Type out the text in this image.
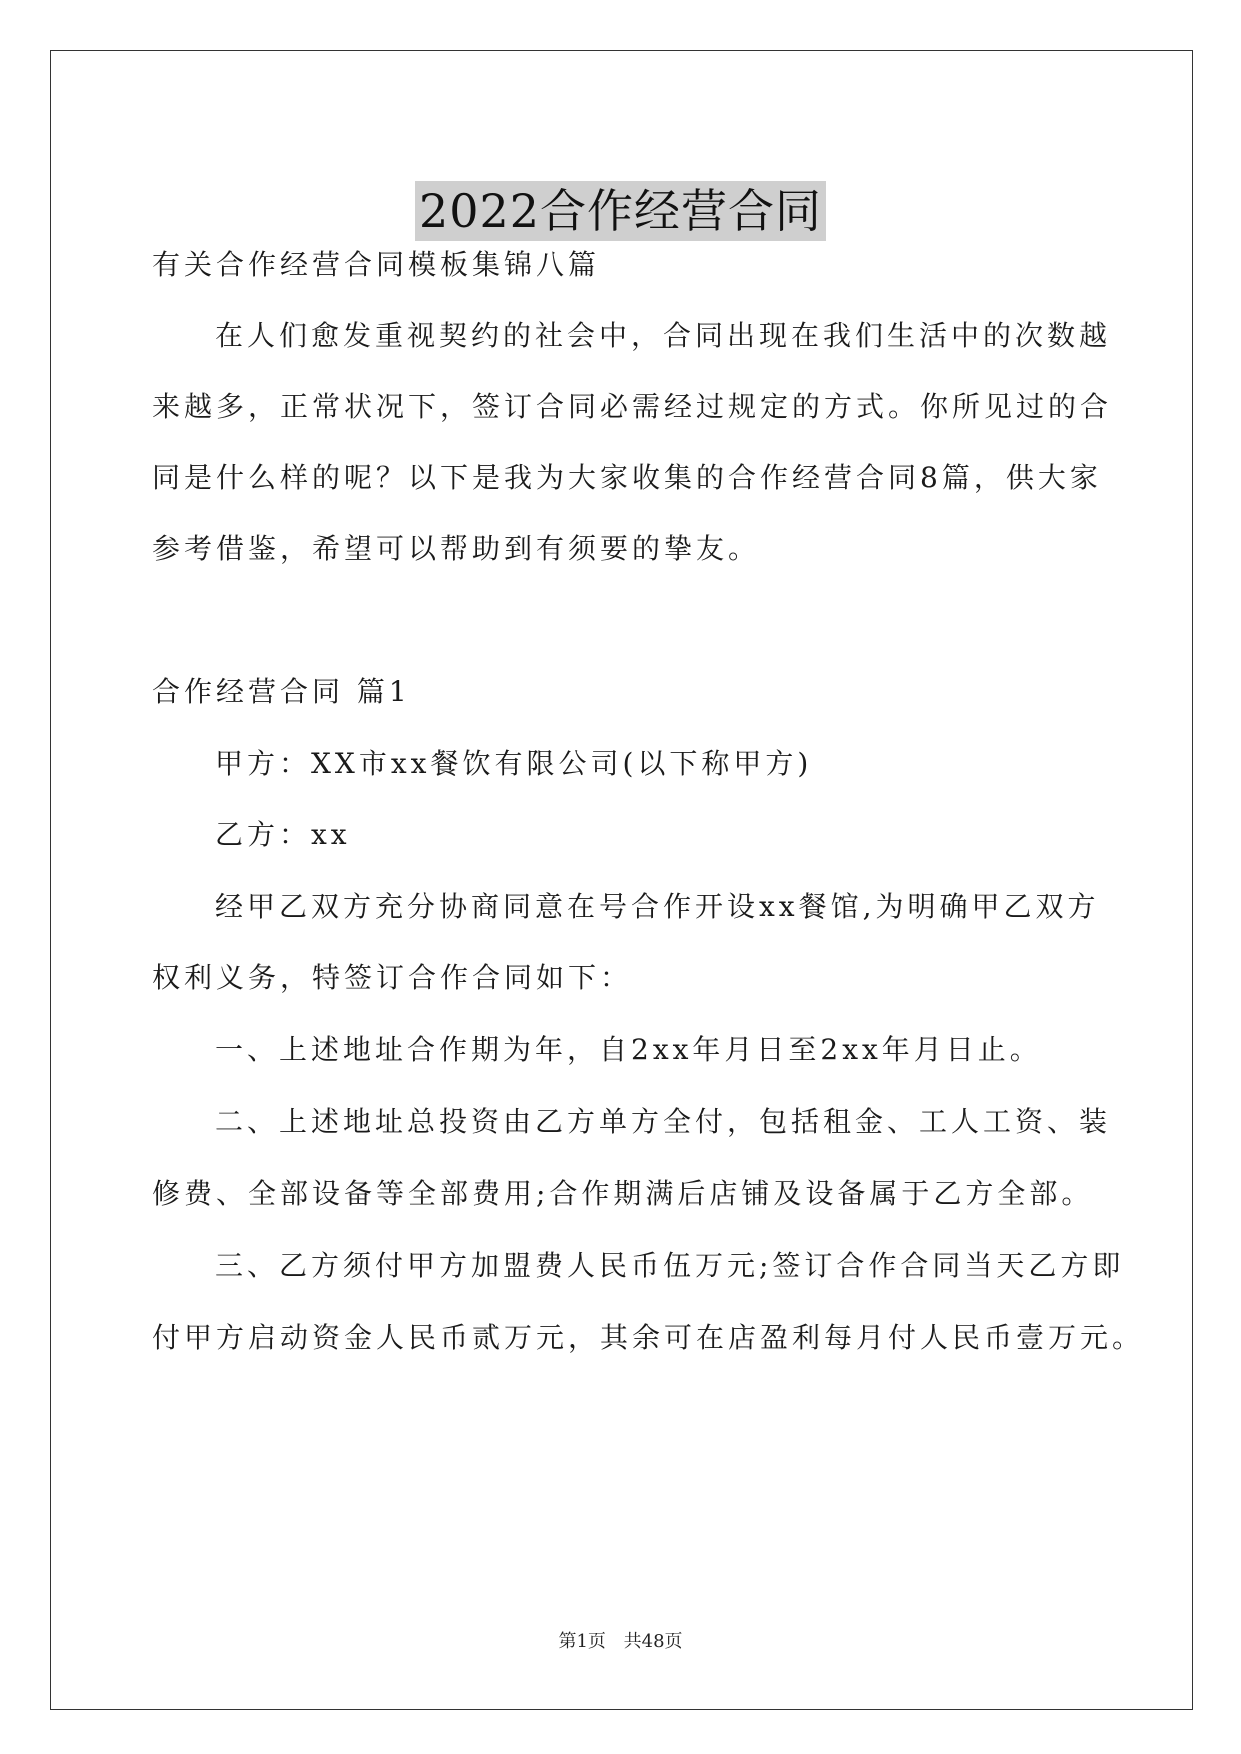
2022合作经营合同
有关合作经营合同模板集锦八篇
在人们愈发重视契约的社会中，合同出现在我们生活中的次数越
来越多，正常状况下，签订合同必需经过规定的方式。你所见过的合
同是什么样的呢？以下是我为大家收集的合作经营合同8篇，供大家
参考借鉴，希望可以帮助到有须要的挚友。
合作经营合同 篇1
甲方：XX市xx餐饮有限公司(以下称甲方)
乙方：xx
经甲乙双方充分协商同意在号合作开设xx餐馆,为明确甲乙双方
权利义务，特签订合作合同如下：
一、上述地址合作期为年，自2xx年月日至2xx年月日止。
二、上述地址总投资由乙方单方全付，包括租金、工人工资、装
修费、全部设备等全部费用;合作期满后店铺及设备属于乙方全部。
三、乙方须付甲方加盟费人民币伍万元;签订合作合同当天乙方即
付甲方启动资金人民币贰万元，其余可在店盈利每月付人民币壹万元。
第1页 共48页
